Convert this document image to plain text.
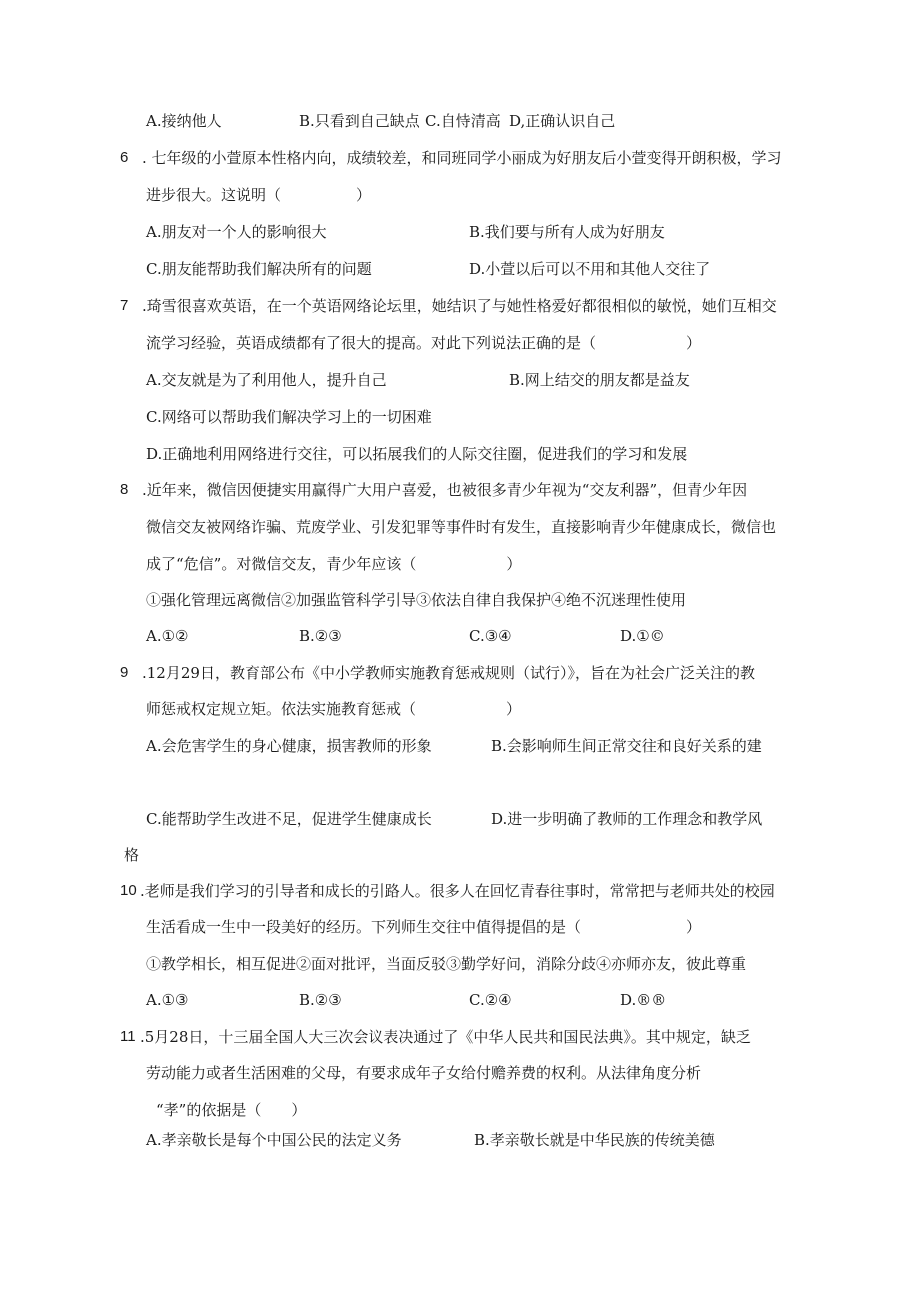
A.接纳他人	B.只看到自己缺点 C.自恃清高 D,正确认识自己
6 . 七年级的小萱原本性格内向，成绩较差，和同班同学小丽成为好朋友后小萱变得开朗积极，学习
进步很大。这说明（　　　　　）
A.朋友对一个人的影响很大	B.我们要与所有人成为好朋友
C.朋友能帮助我们解决所有的问题	D.小萱以后可以不用和其他人交往了
7 .琦雪很喜欢英语，在一个英语网络论坛里，她结识了与她性格爱好都很相似的敏悦，她们互相交
流学习经验，英语成绩都有了很大的提高。对此下列说法正确的是（　　　　　　）
A.交友就是为了利用他人，提升自己	B.网上结交的朋友都是益友
C.网络可以帮助我们解决学习上的一切困难
D.正确地利用网络进行交往，可以拓展我们的人际交往圈，促进我们的学习和发展
8 .近年来，微信因便捷实用赢得广大用户喜爱，也被很多青少年视为“交友利器”，但青少年因
微信交友被网络诈骗、荒废学业、引发犯罪等事件时有发生，直接影响青少年健康成长，微信也
成了“危信”。对微信交友，青少年应该（　　　　　　）
①强化管理远离微信②加强监管科学引导③依法自律自我保护④绝不沉迷理性使用
A.①②	B.②③	C.③④	D.①©
9 .12月29日，教育部公布《中小学教师实施教育惩戒规则（试行）》，旨在为社会广泛关注的教
师惩戒权定规立矩。依法实施教育惩戒（　　　　　　）
A.会危害学生的身心健康，损害教师的形象	B.会影响师生间正常交往和良好关系的建
C.能帮助学生改进不足，促进学生健康成长	D.进一步明确了教师的工作理念和教学风
格
10 .老师是我们学习的引导者和成长的引路人。很多人在回忆青春往事时，常常把与老师共处的校园
生活看成一生中一段美好的经历。下列师生交往中值得提倡的是（　　　　　　　）
①教学相长，相互促进②面对批评，当面反驳③勤学好问，消除分歧④亦师亦友，彼此尊重
A.①③	B.②③	C.②④	D.®®
11 .5月28日，十三届全国人大三次会议表决通过了《中华人民共和国民法典》。其中规定，缺乏
劳动能力或者生活困难的父母，有要求成年子女给付赡养费的权利。从法律角度分析
“孝”的依据是（　　）
A.孝亲敬长是每个中国公民的法定义务	B.孝亲敬长就是中华民族的传统美德
